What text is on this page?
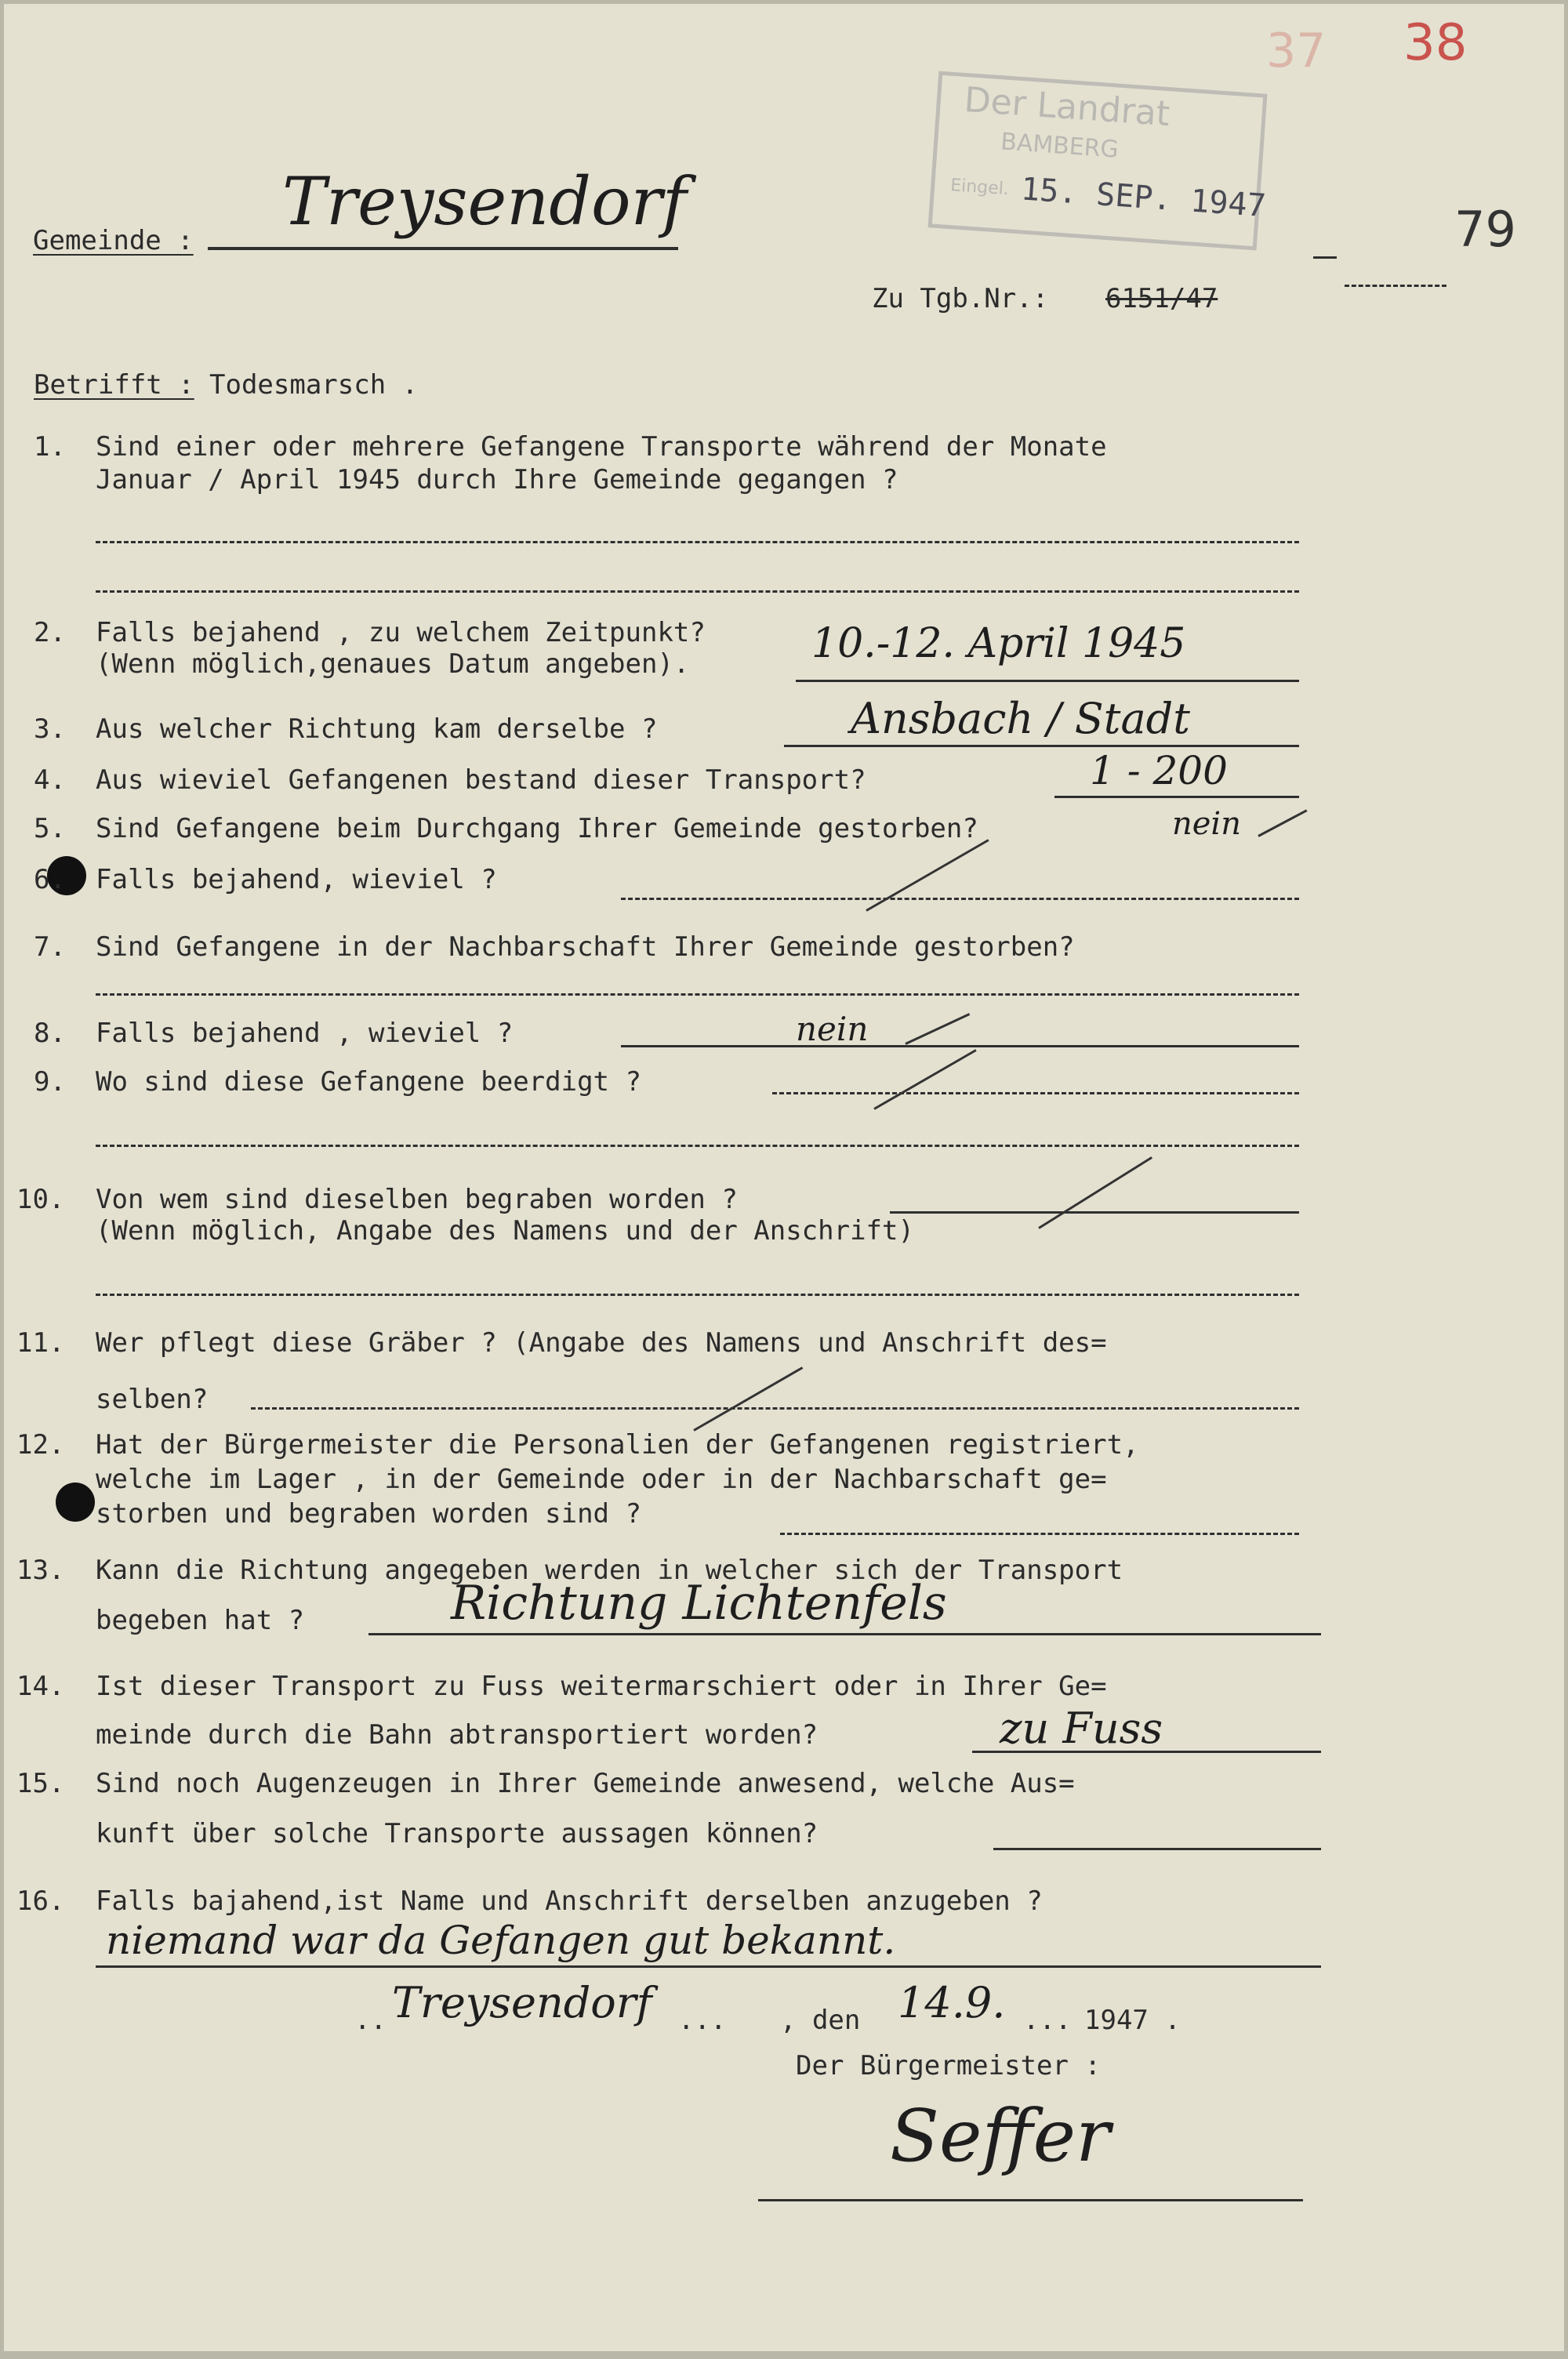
37 38
79
Der Landrat
BAMBERG
Eingel. 15. SEP. 1947
Gemeinde :
Treysendorf
Zu Tgb.Nr.: 6151/47
Betrifft : Todesmarsch .
1. Sind einer oder mehrere Gefangene Transporte während der Monate
Januar / April 1945 durch Ihre Gemeinde gegangen ?
2. Falls bejahend , zu welchem Zeitpunkt?
(Wenn möglich,genaues Datum angeben).	10.-12. April 1945
3. Aus welcher Richtung kam derselbe ?	Ansbach / Stadt
4. Aus wieviel Gefangenen bestand dieser Transport?	1 - 200
5. Sind Gefangene beim Durchgang Ihrer Gemeinde gestorben?	nein
6. Falls bejahend, wieviel ?
7. Sind Gefangene in der Nachbarschaft Ihrer Gemeinde gestorben?
8. Falls bejahend , wieviel ?	nein
9. Wo sind diese Gefangene beerdigt ?
10. Von wem sind dieselben begraben worden ?
(Wenn möglich, Angabe des Namens und der Anschrift)
11. Wer pflegt diese Gräber ? (Angabe des Namens und Anschrift des=
selben?
12. Hat der Bürgermeister die Personalien der Gefangenen registriert,
welche im Lager , in der Gemeinde oder in der Nachbarschaft ge=
storben und begraben worden sind ?
13. Kann die Richtung angegeben werden in welcher sich der Transport
begeben hat ?	Richtung Lichtenfels
14. Ist dieser Transport zu Fuss weitermarschiert oder in Ihrer Ge=
meinde durch die Bahn abtransportiert worden?	zu Fuss
15. Sind noch Augenzeugen in Ihrer Gemeinde anwesend, welche Aus=
kunft über solche Transporte aussagen können?
16. Falls bajahend,ist Name und Anschrift derselben anzugeben ?
niemand war da Gefangen gut bekannt.
.. Treysendorf ... , den 14.9. ... 1947 .
Der Bürgermeister :
Seffer
